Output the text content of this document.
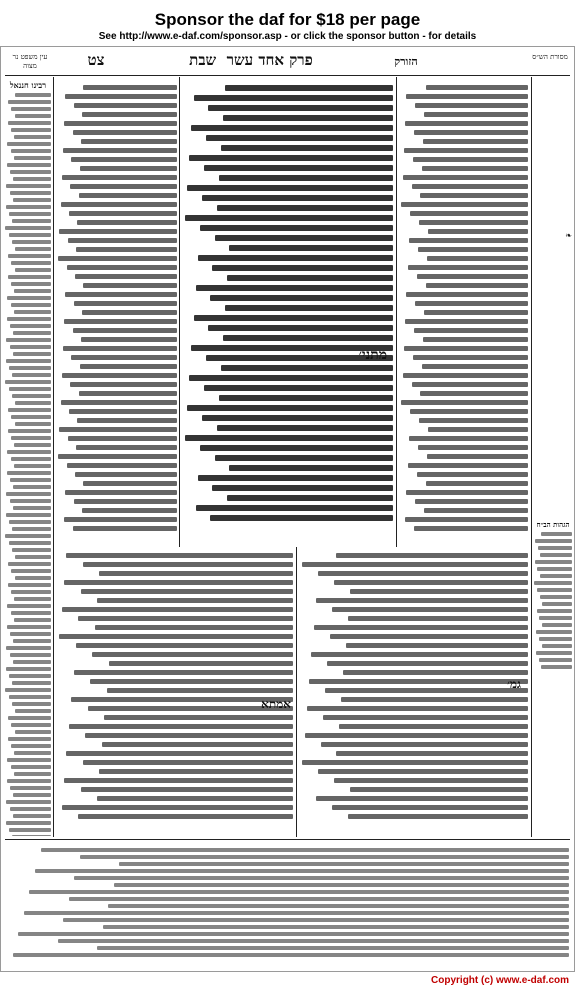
Sponsor the daf for $18 per page
See http://www.e-daf.com/sponsor.asp - or click the sponsor button - for details
פרק אחד עשר  שבת	הזורק
צט
עין משפט נר מצוה
מסורת הש״ס
רבינו חננאל
מתני׳
❧
הגהות הב״ח
אמתא
גמ׳
Copyright (c) www.e-daf.com
